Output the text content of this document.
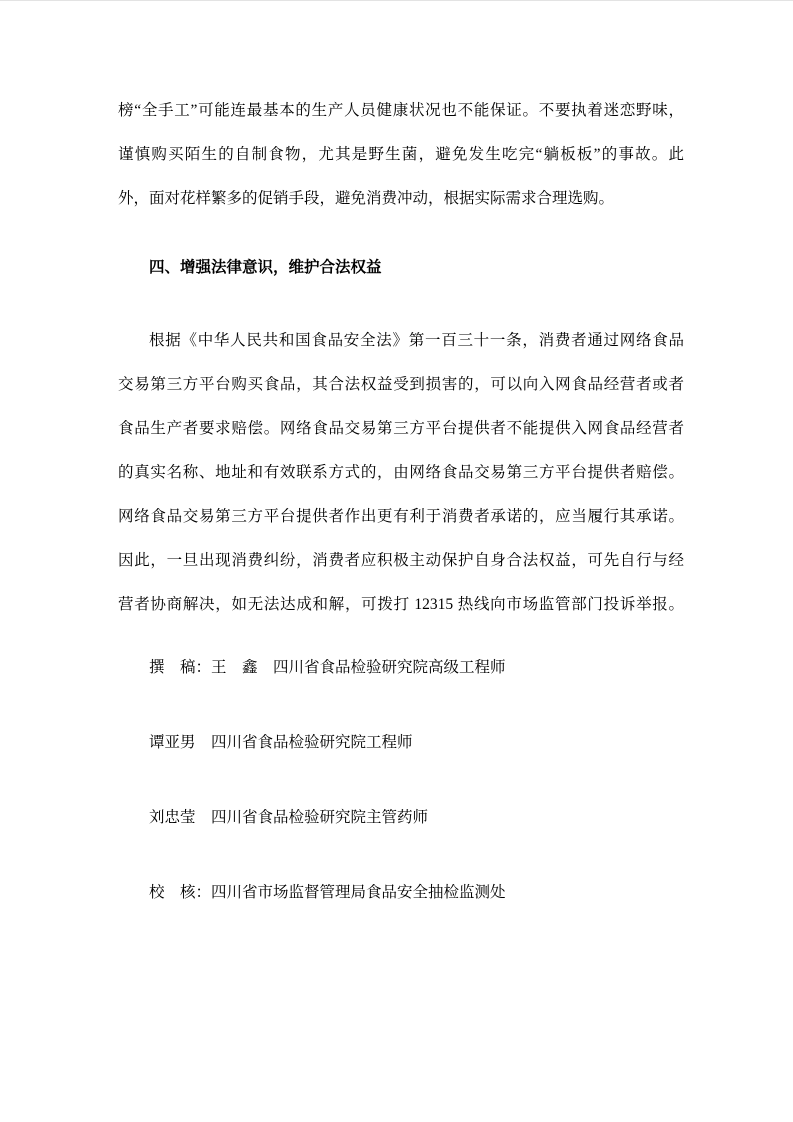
榜“全手工”可能连最基本的生产人员健康状况也不能保证。不要执着迷恋野味，

谨慎购买陌生的自制食物，尤其是野生菌，避免发生吃完“躺板板”的事故。此

外，面对花样繁多的促销手段，避免消费冲动，根据实际需求合理选购。

四、增强法律意识，维护合法权益

根据《中华人民共和国食品安全法》第一百三十一条，消费者通过网络食品

交易第三方平台购买食品，其合法权益受到损害的，可以向入网食品经营者或者

食品生产者要求赔偿。网络食品交易第三方平台提供者不能提供入网食品经营者

的真实名称、地址和有效联系方式的，由网络食品交易第三方平台提供者赔偿。

网络食品交易第三方平台提供者作出更有利于消费者承诺的，应当履行其承诺。

因此，一旦出现消费纠纷，消费者应积极主动保护自身合法权益，可先自行与经

营者协商解决，如无法达成和解，可拨打 12315 热线向市场监管部门投诉举报。

撰　稿：王　鑫　四川省食品检验研究院高级工程师

谭亚男　四川省食品检验研究院工程师

刘忠莹　四川省食品检验研究院主管药师

校　核：四川省市场监督管理局食品安全抽检监测处
